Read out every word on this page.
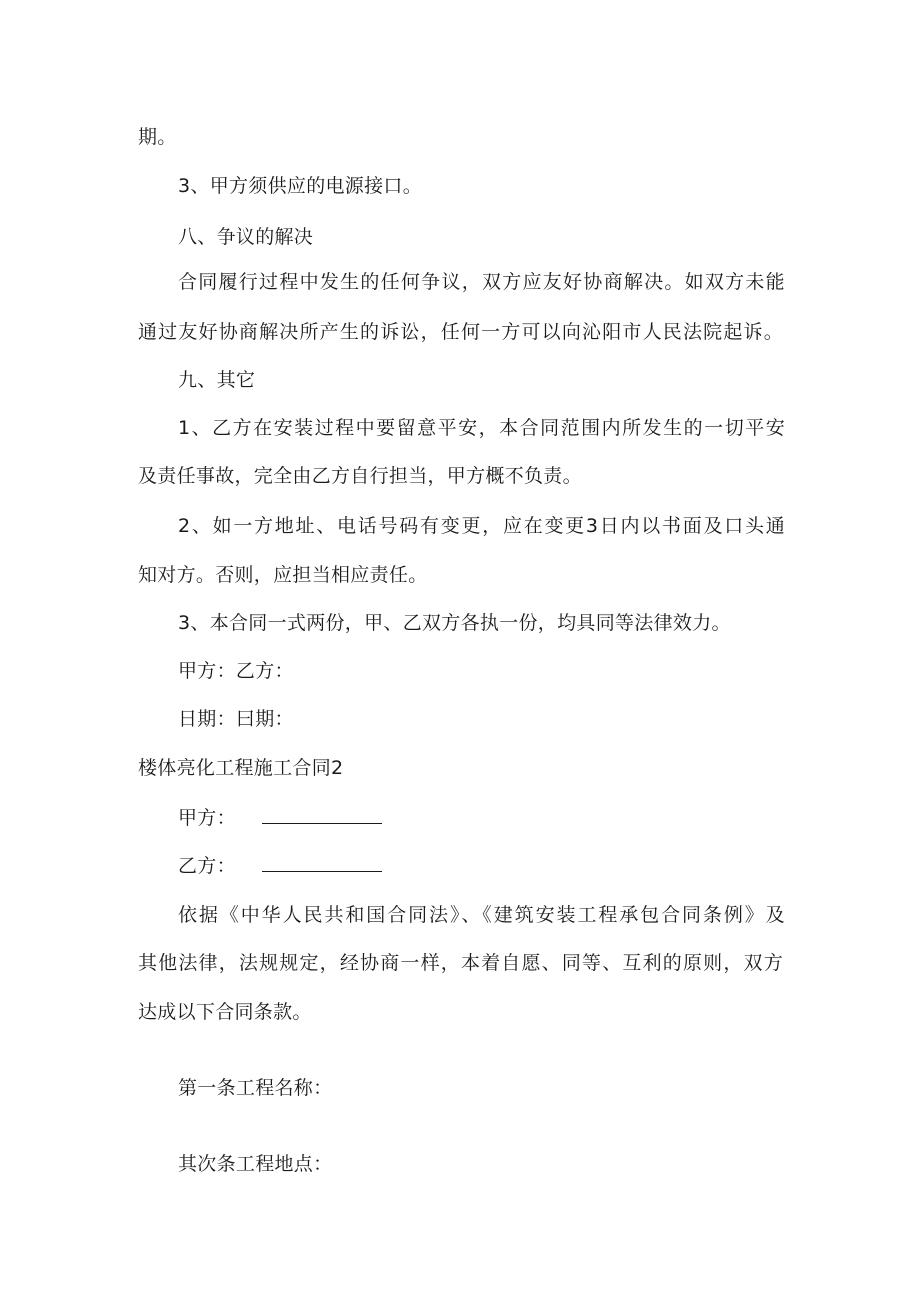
期。
3、甲方须供应的电源接口。
八、争议的解决
合同履行过程中发生的任何争议，双方应友好协商解决。如双方未能
通过友好协商解决所产生的诉讼，任何一方可以向沁阳市人民法院起诉。
九、其它
1、乙方在安装过程中要留意平安，本合同范围内所发生的一切平安
及责任事故，完全由乙方自行担当，甲方概不负责。
2、如一方地址、电话号码有变更，应在变更3日内以书面及口头通
知对方。否则，应担当相应责任。
3、本合同一式两份，甲、乙双方各执一份，均具同等法律效力。
甲方：乙方：
日期：曰期：
楼体亮化工程施工合同2
甲方：
乙方：
依据《中华人民共和国合同法》、《建筑安装工程承包合同条例》及
其他法律，法规规定，经协商一样，本着自愿、同等、互利的原则，双方
达成以下合同条款。
第一条工程名称：
其次条工程地点：
